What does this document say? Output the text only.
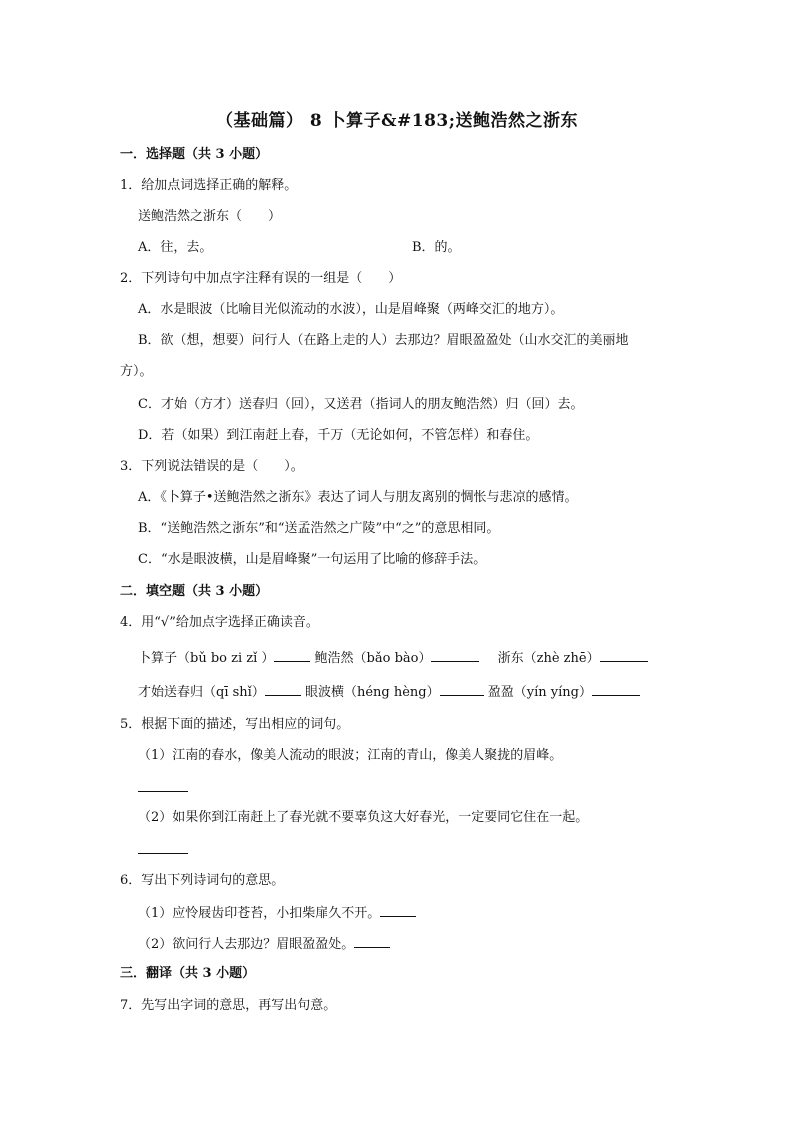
（基础篇） 8 卜算子&#183;送鲍浩然之浙东
一．选择题（共 3 小题）
1．给加点词选择正确的解释。
送鲍浩然之浙东（　　）
A．往，去。	B．的。
2．下列诗句中加点字注释有误的一组是（　　）
A．水是眼波（比喻目光似流动的水波），山是眉峰聚（两峰交汇的地方）。
B．欲（想，想要）问行人（在路上走的人）去那边？眉眼盈盈处（山水交汇的美丽地
方）。
C．才始（方才）送春归（回），又送君（指词人的朋友鲍浩然）归（回）去。
D．若（如果）到江南赶上春，千万（无论如何，不管怎样）和春住。
3．下列说法错误的是（　　）。
A．《卜算子•送鲍浩然之浙东》表达了词人与朋友离别的惆怅与悲凉的感情。
B．“送鲍浩然之浙东”和“送孟浩然之广陵”中“之”的意思相同。
C．“水是眼波横，山是眉峰聚”一句运用了比喻的修辞手法。
二．填空题（共 3 小题）
4．用“√”给加点字选择正确读音。
卜算子（bǔ bo zi zǐ ）	鲍浩然（bǎo bào）	浙东（zhè zhē）
才始送春归（qī shǐ）	眼波横（héng hèng）	盈盈（yín yíng）
5．根据下面的描述，写出相应的词句。
（1）江南的春水，像美人流动的眼波；江南的青山，像美人聚拢的眉峰。
（2）如果你到江南赶上了春光就不要辜负这大好春光，一定要同它住在一起。
6．写出下列诗词句的意思。
（1）应怜屐齿印苍苔，小扣柴扉久不开。
（2）欲问行人去那边？眉眼盈盈处。
三．翻译（共 3 小题）
7．先写出字词的意思，再写出句意。
